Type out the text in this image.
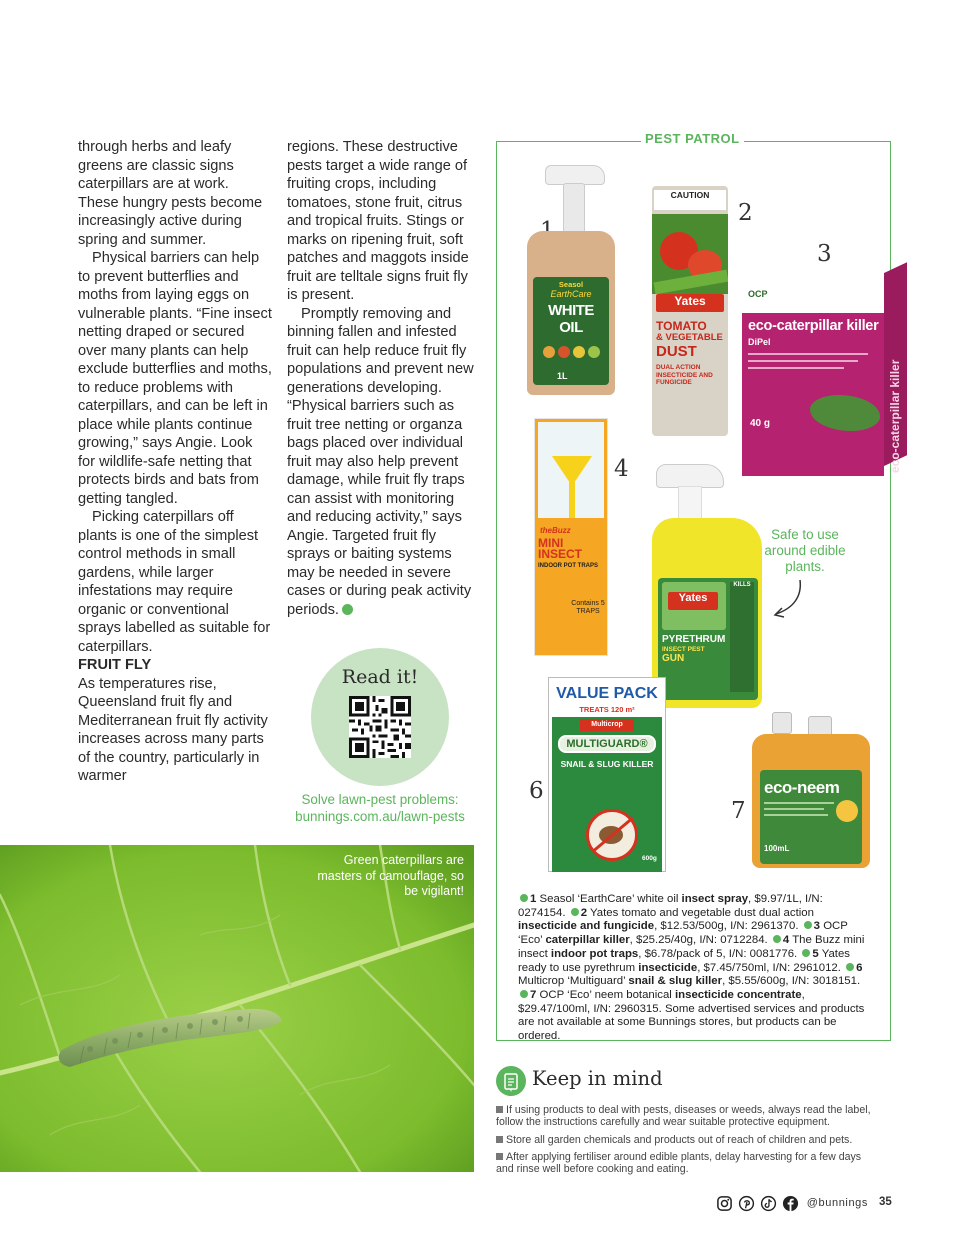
through herbs and leafy greens are classic signs caterpillars are at work. These hungry pests become increasingly active during spring and summer.

Physical barriers can help to prevent butterflies and moths from laying eggs on vulnerable plants. “Fine insect netting draped or secured over many plants can help exclude butterflies and moths, to reduce problems with caterpillars, and can be left in place while plants continue growing,” says Angie. Look for wildlife-safe netting that protects birds and bats from getting tangled.

Picking caterpillars off plants is one of the simplest control methods in small gardens, while larger infestations may require organic or conventional sprays labelled as suitable for caterpillars.

FRUIT FLY

As temperatures rise, Queensland fruit fly and Mediterranean fruit fly activity increases across many parts of the country, particularly in warmer

regions. These destructive pests target a wide range of fruiting crops, including tomatoes, stone fruit, citrus and tropical fruits. Stings or marks on ripening fruit, soft patches and maggots inside fruit are telltale signs fruit fly is present.

Promptly removing and binning fallen and infested fruit can help reduce fruit fly populations and prevent new generations developing. “Physical barriers such as fruit tree netting or organza bags placed over individual fruit may also help prevent damage, while fruit fly traps can assist with monitoring and reducing activity,” says Angie. Targeted fruit fly sprays or baiting systems may be needed in severe cases or during peak activity periods.

Read it!
Solve lawn-pest problems:
bunnings.com.au/lawn-pests
Green caterpillars are masters of camouflage, so be vigilant!
PEST PATROL
2
3
4
6
7
Seasol
EarthCare
WHITE OIL
1L
CAUTION
Yates
TOMATO
& VEGETABLE
DUST
DUAL ACTION INSECTICIDE AND FUNGICIDE
OCP
eco-caterpillar killer
DiPel
40 g	eco-caterpillar killer
theBuzz
MINI
INSECT
INDOOR POT TRAPS
Contains 5 TRAPS
Yates
PYRETHRUM
INSECT PEST
GUN
KILLS
Safe to use around edible plants.
VALUE PACK
TREATS 120 m²
Multicrop
MULTIGUARD®
SNAIL & SLUG KILLER
600g
eco-neem
100mL
1 Seasol ‘EarthCare’ white oil insect spray, $9.97/1L, I/N: 0274154. 2 Yates tomato and vegetable dust dual action insecticide and fungicide, $12.53/500g, I/N: 2961370. 3 OCP ‘Eco’ caterpillar killer, $25.25/40g, I/N: 0712284. 4 The Buzz mini insect indoor pot traps, $6.78/pack of 5, I/N: 0081776. 5 Yates ready to use pyrethrum insecticide, $7.45/750ml, I/N: 2961012. 6 Multicrop ‘Multiguard’ snail & slug killer, $5.55/600g, I/N: 3018151. 7 OCP ‘Eco’ neem botanical insecticide concentrate, $29.47/100ml, I/N: 2960315. Some advertised services and products are not available at some Bunnings stores, but products can be ordered.
Keep in mind
If using products to deal with pests, diseases or weeds, always read the label, follow the instructions carefully and wear suitable protective equipment.
Store all garden chemicals and products out of reach of children and pets.
After applying fertiliser around edible plants, delay harvesting for a few days and rinse well before cooking and eating.
@bunnings 35
